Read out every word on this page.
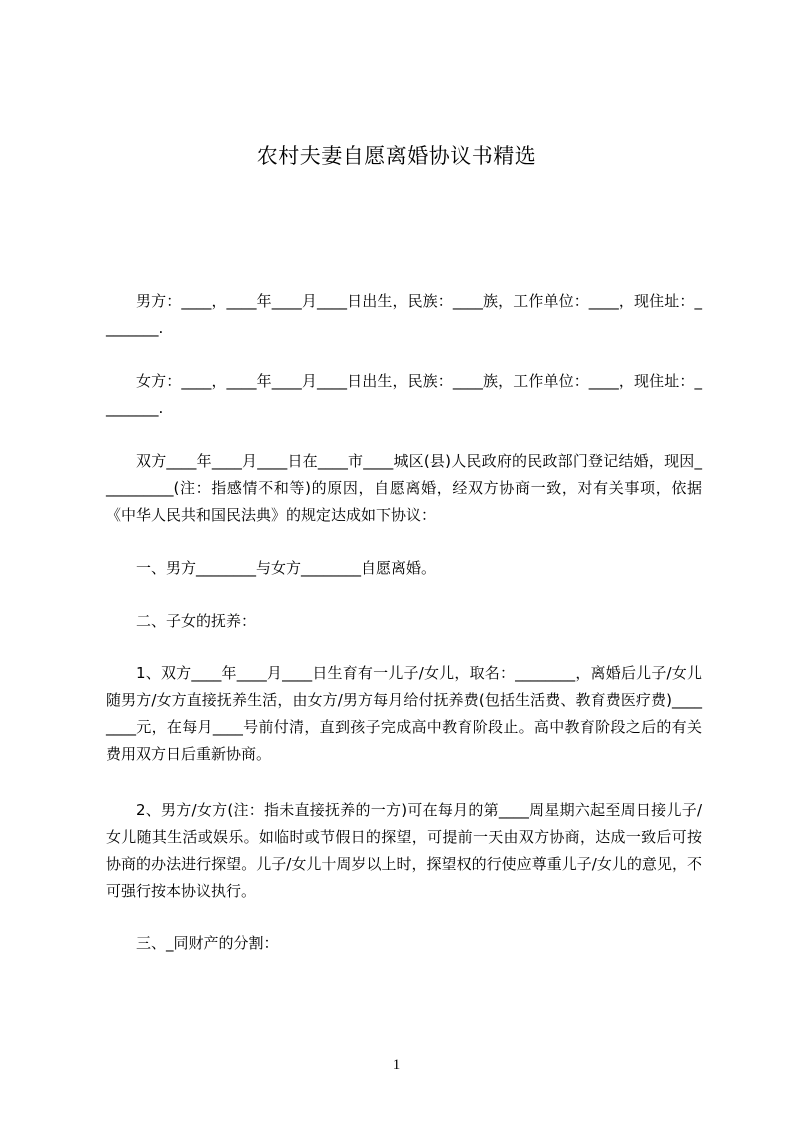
农村夫妻自愿离婚协议书精选

男方：____，____年____月____日出生，民族：____族，工作单位：____，现住址：________.

女方：____，____年____月____日出生，民族：____族，工作单位：____，现住址：________.

双方____年____月____日在____市____城区(县)人民政府的民政部门登记结婚，现因__________(注：指感情不和等)的原因，自愿离婚，经双方协商一致，对有关事项，依据《中华人民共和国民法典》的规定达成如下协议：

一、男方________与女方________自愿离婚。

二、子女的抚养：

1、双方____年____月____日生育有一儿子/女儿，取名：________，离婚后儿子/女儿随男方/女方直接抚养生活，由女方/男方每月给付抚养费(包括生活费、教育费医疗费)________元，在每月____号前付清，直到孩子完成高中教育阶段止。高中教育阶段之后的有关费用双方日后重新协商。

2、男方/女方(注：指未直接抚养的一方)可在每月的第____周星期六起至周日接儿子/女儿随其生活或娱乐。如临时或节假日的探望，可提前一天由双方协商，达成一致后可按协商的办法进行探望。儿子/女儿十周岁以上时，探望权的行使应尊重儿子/女儿的意见，不可强行按本协议执行。

三、_同财产的分割：

1
